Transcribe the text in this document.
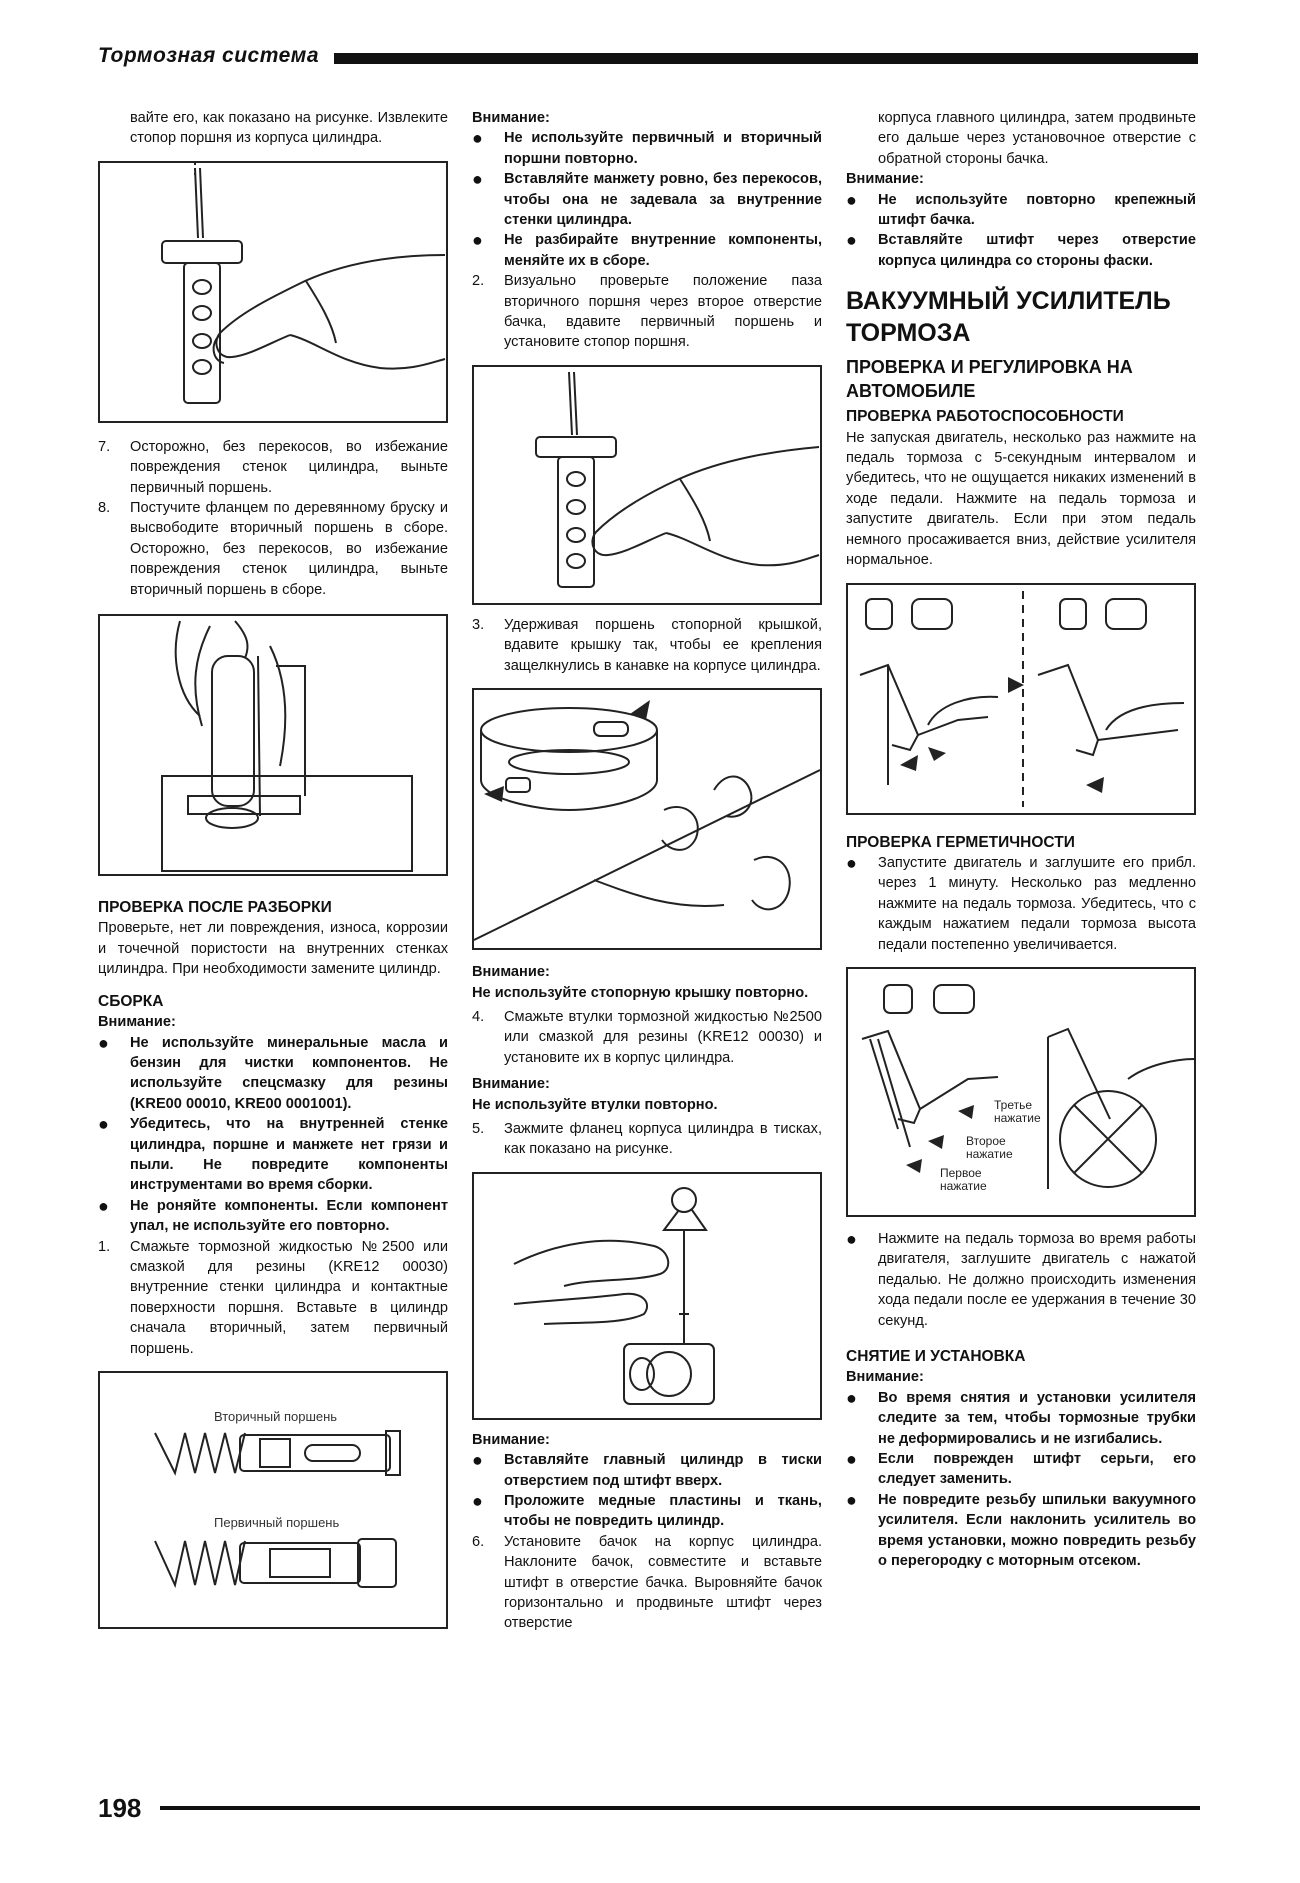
Тормозная система

вайте его, как показано на рисунке. Извлеките стопор поршня из корпуса цилиндра.

7.	Осторожно, без перекосов, во избежание повреждения стенок цилиндра, выньте первичный поршень.

8.	Постучите фланцем по деревянному бруску и высвободите вторичный поршень в сборе. Осторожно, без перекосов, во избежание повреждения стенок цилиндра, выньте вторичный поршень в сборе.

ПРОВЕРКА ПОСЛЕ РАЗБОРКИ

Проверьте, нет ли повреждения, износа, коррозии и точечной пористости на внутренних стенках цилиндра. При необходимости замените цилиндр.

СБОРКА

Внимание:

●	Не используйте минеральные масла и бензин для чистки компонентов. Не используйте спецсмазку для резины (KRE00 00010, KRE00 0001001).

●	Убедитесь, что на внутренней стенке цилиндра, поршне и манжете нет грязи и пыли. Не повредите компоненты инструментами во время сборки.

●	Не роняйте компоненты. Если компонент упал, не используйте его повторно.

1.	Смажьте тормозной жидкостью №2500 или смазкой для резины (KRE12 00030) внутренние стенки цилиндра и контактные поверхности поршня. Вставьте в цилиндр сначала вторичный, затем первичный поршень.

Вторичный поршень
Первичный поршень

Внимание:

●	Не используйте первичный и вторичный поршни повторно.

●	Вставляйте манжету ровно, без перекосов, чтобы она не задевала за внутренние стенки цилиндра.

●	Не разбирайте внутренние компоненты, меняйте их в сборе.

2.	Визуально проверьте положение паза вторичного поршня через второе отверстие бачка, вдавите первичный поршень и установите стопор поршня.

3.	Удерживая поршень стопорной крышкой, вдавите крышку так, чтобы ее крепления защелкнулись в канавке на корпусе цилиндра.

Внимание:

Не используйте стопорную крышку повторно.

4.	Смажьте втулки тормозной жидкостью №2500 или смазкой для резины (KRE12 00030) и установите их в корпус цилиндра.

Внимание:

Не используйте втулки повторно.

5.	Зажмите фланец корпуса цилиндра в тисках, как показано на рисунке.

Внимание:

●	Вставляйте главный цилиндр в тиски отверстием под штифт вверх.

●	Проложите медные пластины и ткань, чтобы не повредить цилиндр.

6.	Установите бачок на корпус цилиндра. Наклоните бачок, совместите и вставьте штифт в отверстие бачка. Выровняйте бачок горизонтально и продвиньте штифт через отверстие

корпуса главного цилиндра, затем продвиньте его дальше через установочное отверстие с обратной стороны бачка.

Внимание:

●	Не используйте повторно крепежный штифт бачка.

●	Вставляйте штифт через отверстие корпуса цилиндра со стороны фаски.

ВАКУУМНЫЙ УСИЛИТЕЛЬ ТОРМОЗА

ПРОВЕРКА И РЕГУЛИРОВКА НА АВТОМОБИЛЕ

ПРОВЕРКА РАБОТОСПОСОБНОСТИ

Не запуская двигатель, несколько раз нажмите на педаль тормоза с 5-секундным интервалом и убедитесь, что не ощущается никаких изменений в ходе педали. Нажмите на педаль тормоза и запустите двигатель. Если при этом педаль немного просаживается вниз, действие усилителя нормальное.

ПРОВЕРКА ГЕРМЕТИЧНОСТИ

●	Запустите двигатель и заглушите его прибл. через 1 минуту. Несколько раз медленно нажмите на педаль тормоза. Убедитесь, что с каждым нажатием педали тормоза высота педали постепенно увеличивается.

Третье нажатие
Второе нажатие
Первое нажатие

●	Нажмите на педаль тормоза во время работы двигателя, заглушите двигатель с нажатой педалью. Не должно происходить изменения хода педали после ее удержания в течение 30 секунд.

СНЯТИЕ И УСТАНОВКА

Внимание:

●	Во время снятия и установки усилителя следите за тем, чтобы тормозные трубки не деформировались и не изгибались.

●	Если поврежден штифт серьги, его следует заменить.

●	Не повредите резьбу шпильки вакуумного усилителя. Если наклонить усилитель во время установки, можно повредить резьбу о перегородку с моторным отсеком.

198
